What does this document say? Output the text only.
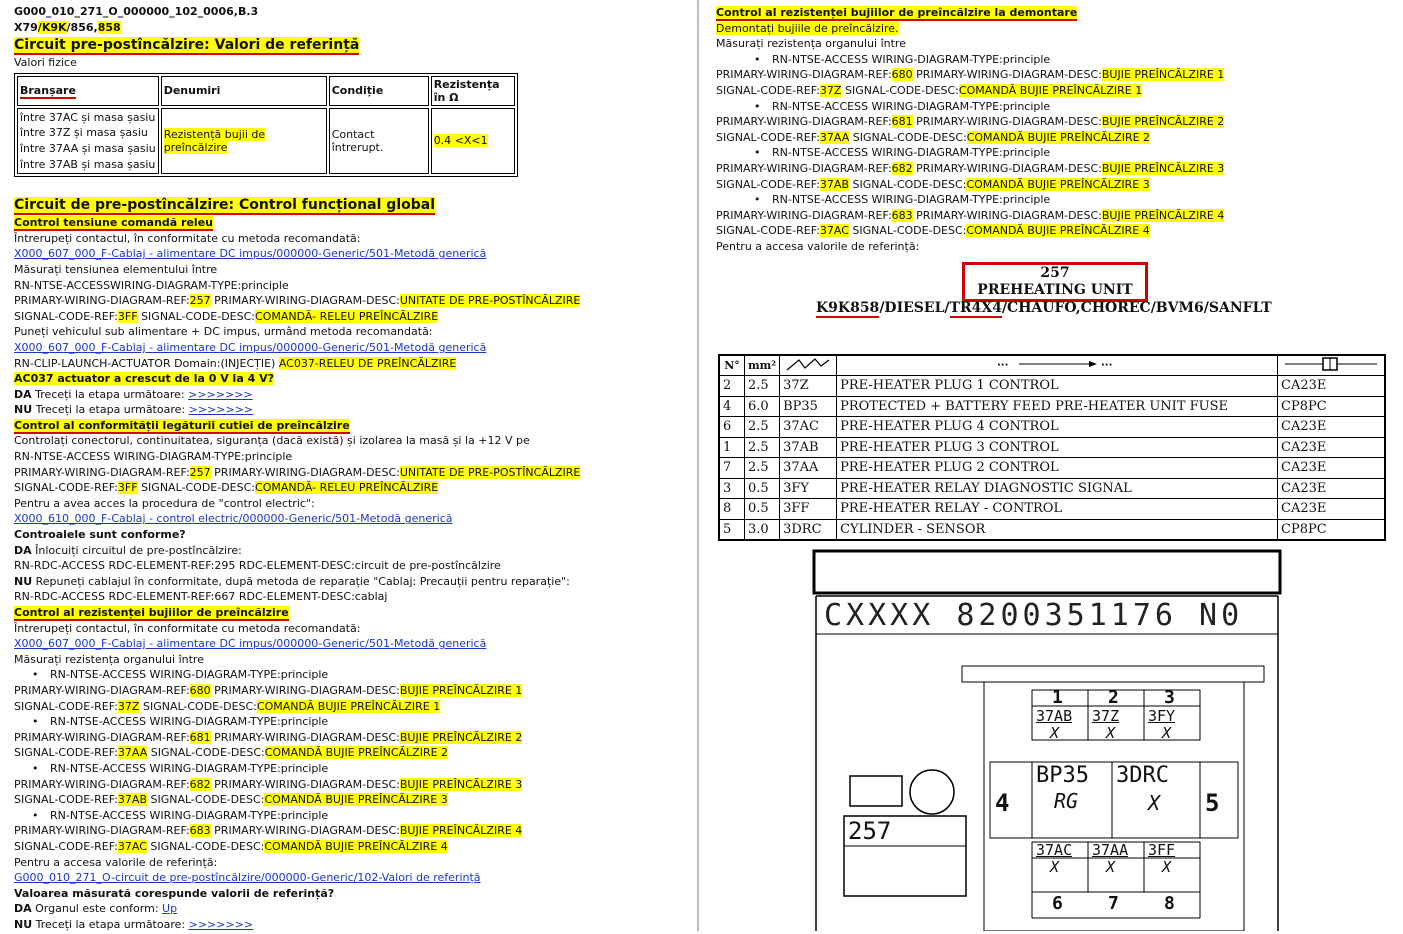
G000_010_271_O_000000_102_0006,B.3
X79/K9K/856,858
Circuit pre-postîncălzire: Valori de referință
Valori fizice
Branșare	Denumiri	Condiție	Rezistența în Ω

între 37AC și masa șasiu
între 37Z și masa șasiu
între 37AA și masa șasiu
între 37AB și masa șasiu	Rezistență bujii de preîncălzire	Contact întrerupt.	0.4 <X<1
Circuit de pre-postîncălzire: Control funcțional global
Control tensiune comandă releu
Întrerupeți contactul, în conformitate cu metoda recomandată:
X000_607_000_F-Cablaj - alimentare DC impus/000000-Generic/501-Metodă generică
Măsurați tensiunea elementului între
RN-NTSE-ACCESSWIRING-DIAGRAM-TYPE:principle
PRIMARY-WIRING-DIAGRAM-REF:257 PRIMARY-WIRING-DIAGRAM-DESC:UNITATE DE PRE-POSTÎNCĂLZIRE
SIGNAL-CODE-REF:3FF SIGNAL-CODE-DESC:COMANDĂ- RELEU PREÎNCĂLZIRE
Puneți vehiculul sub alimentare + DC impus, urmând metoda recomandată:
X000_607_000_F-Cablaj - alimentare DC impus/000000-Generic/501-Metodă generică
RN-CLIP-LAUNCH-ACTUATOR Domain:(INJECȚIE) AC037-RELEU DE PREÎNCĂLZIRE
AC037 actuator a crescut de la 0 V la 4 V?
DA Treceți la etapa următoare: >>>>>>>
NU Treceți la etapa următoare: >>>>>>>
Control al conformității legăturii cutiei de preîncălzire
Controlați conectorul, continuitatea, siguranța (dacă există) și izolarea la masă și la +12 V pe
RN-NTSE-ACCESS WIRING-DIAGRAM-TYPE:principle
PRIMARY-WIRING-DIAGRAM-REF:257 PRIMARY-WIRING-DIAGRAM-DESC:UNITATE DE PRE-POSTÎNCĂLZIRE
SIGNAL-CODE-REF:3FF SIGNAL-CODE-DESC:COMANDĂ- RELEU PREÎNCĂLZIRE
Pentru a avea acces la procedura de "control electric":
X000_610_000_F-Cablaj - control electric/000000-Generic/501-Metodă generică
Controalele sunt conforme?
DA Înlocuiți circuitul de pre-postîncălzire:
RN-RDC-ACCESS RDC-ELEMENT-REF:295 RDC-ELEMENT-DESC:circuit de pre-postîncălzire
NU Repuneți cablajul în conformitate, după metoda de reparație "Cablaj: Precauții pentru reparație":
RN-RDC-ACCESS RDC-ELEMENT-REF:667 RDC-ELEMENT-DESC:cablaj
Control al rezistenței bujiilor de preîncălzire
Întrerupeți contactul, în conformitate cu metoda recomandată:
X000_607_000_F-Cablaj - alimentare DC impus/000000-Generic/501-Metodă generică
Măsurați rezistența organului între
• RN-NTSE-ACCESS WIRING-DIAGRAM-TYPE:principle
PRIMARY-WIRING-DIAGRAM-REF:680 PRIMARY-WIRING-DIAGRAM-DESC:BUJIE PREÎNCĂLZIRE 1
SIGNAL-CODE-REF:37Z SIGNAL-CODE-DESC:COMANDĂ BUJIE PREÎNCĂLZIRE 1
• RN-NTSE-ACCESS WIRING-DIAGRAM-TYPE:principle
PRIMARY-WIRING-DIAGRAM-REF:681 PRIMARY-WIRING-DIAGRAM-DESC:BUJIE PREÎNCĂLZIRE 2
SIGNAL-CODE-REF:37AA SIGNAL-CODE-DESC:COMANDĂ BUJIE PREÎNCĂLZIRE 2
• RN-NTSE-ACCESS WIRING-DIAGRAM-TYPE:principle
PRIMARY-WIRING-DIAGRAM-REF:682 PRIMARY-WIRING-DIAGRAM-DESC:BUJIE PREÎNCĂLZIRE 3
SIGNAL-CODE-REF:37AB SIGNAL-CODE-DESC:COMANDĂ BUJIE PREÎNCĂLZIRE 3
• RN-NTSE-ACCESS WIRING-DIAGRAM-TYPE:principle
PRIMARY-WIRING-DIAGRAM-REF:683 PRIMARY-WIRING-DIAGRAM-DESC:BUJIE PREÎNCĂLZIRE 4
SIGNAL-CODE-REF:37AC SIGNAL-CODE-DESC:COMANDĂ BUJIE PREÎNCĂLZIRE 4
Pentru a accesa valorile de referință:
G000_010_271_O-circuit de pre-postîncălzire/000000-Generic/102-Valori de referință
Valoarea măsurată corespunde valorii de referință?
DA Organul este conform: Up
NU Treceți la etapa următoare: >>>>>>>
Control al rezistenței bujiilor de preîncălzire la demontare
Demontați bujiile de preîncălzire.
Măsurați rezistența organului între
• RN-NTSE-ACCESS WIRING-DIAGRAM-TYPE:principle
PRIMARY-WIRING-DIAGRAM-REF:680 PRIMARY-WIRING-DIAGRAM-DESC:BUJIE PREÎNCĂLZIRE 1
SIGNAL-CODE-REF:37Z SIGNAL-CODE-DESC:COMANDĂ BUJIE PREÎNCĂLZIRE 1
• RN-NTSE-ACCESS WIRING-DIAGRAM-TYPE:principle
PRIMARY-WIRING-DIAGRAM-REF:681 PRIMARY-WIRING-DIAGRAM-DESC:BUJIE PREÎNCĂLZIRE 2
SIGNAL-CODE-REF:37AA SIGNAL-CODE-DESC:COMANDĂ BUJIE PREÎNCĂLZIRE 2
• RN-NTSE-ACCESS WIRING-DIAGRAM-TYPE:principle
PRIMARY-WIRING-DIAGRAM-REF:682 PRIMARY-WIRING-DIAGRAM-DESC:BUJIE PREÎNCĂLZIRE 3
SIGNAL-CODE-REF:37AB SIGNAL-CODE-DESC:COMANDĂ BUJIE PREÎNCĂLZIRE 3
• RN-NTSE-ACCESS WIRING-DIAGRAM-TYPE:principle
PRIMARY-WIRING-DIAGRAM-REF:683 PRIMARY-WIRING-DIAGRAM-DESC:BUJIE PREÎNCĂLZIRE 4
SIGNAL-CODE-REF:37AC SIGNAL-CODE-DESC:COMANDĂ BUJIE PREÎNCĂLZIRE 4
Pentru a accesa valorile de referință:
257
PREHEATING UNIT
K9K858/DIESEL/TR4X4/CHAUFO,CHOREC/BVM6/SANFLT
N°	mm²		··· ···

2	2.5	37Z	PRE-HEATER PLUG 1 CONTROL	CA23E
4	6.0	BP35	PROTECTED + BATTERY FEED PRE-HEATER UNIT FUSE	CP8PC
6	2.5	37AC	PRE-HEATER PLUG 4 CONTROL	CA23E
1	2.5	37AB	PRE-HEATER PLUG 3 CONTROL	CA23E
7	2.5	37AA	PRE-HEATER PLUG 2 CONTROL	CA23E
3	0.5	3FY	PRE-HEATER RELAY DIAGNOSTIC SIGNAL	CA23E
8	0.5	3FF	PRE-HEATER RELAY - CONTROL	CA23E
5	3.0	3DRC	CYLINDER - SENSOR	CP8PC
CXXXX 8200351176 N0
1
37AB
X
37AC
X
6
2
37Z
X
37AA
X
7
3
3FY
X
3FF
X
8
BP35
RG
3DRC
X
4	5
257
